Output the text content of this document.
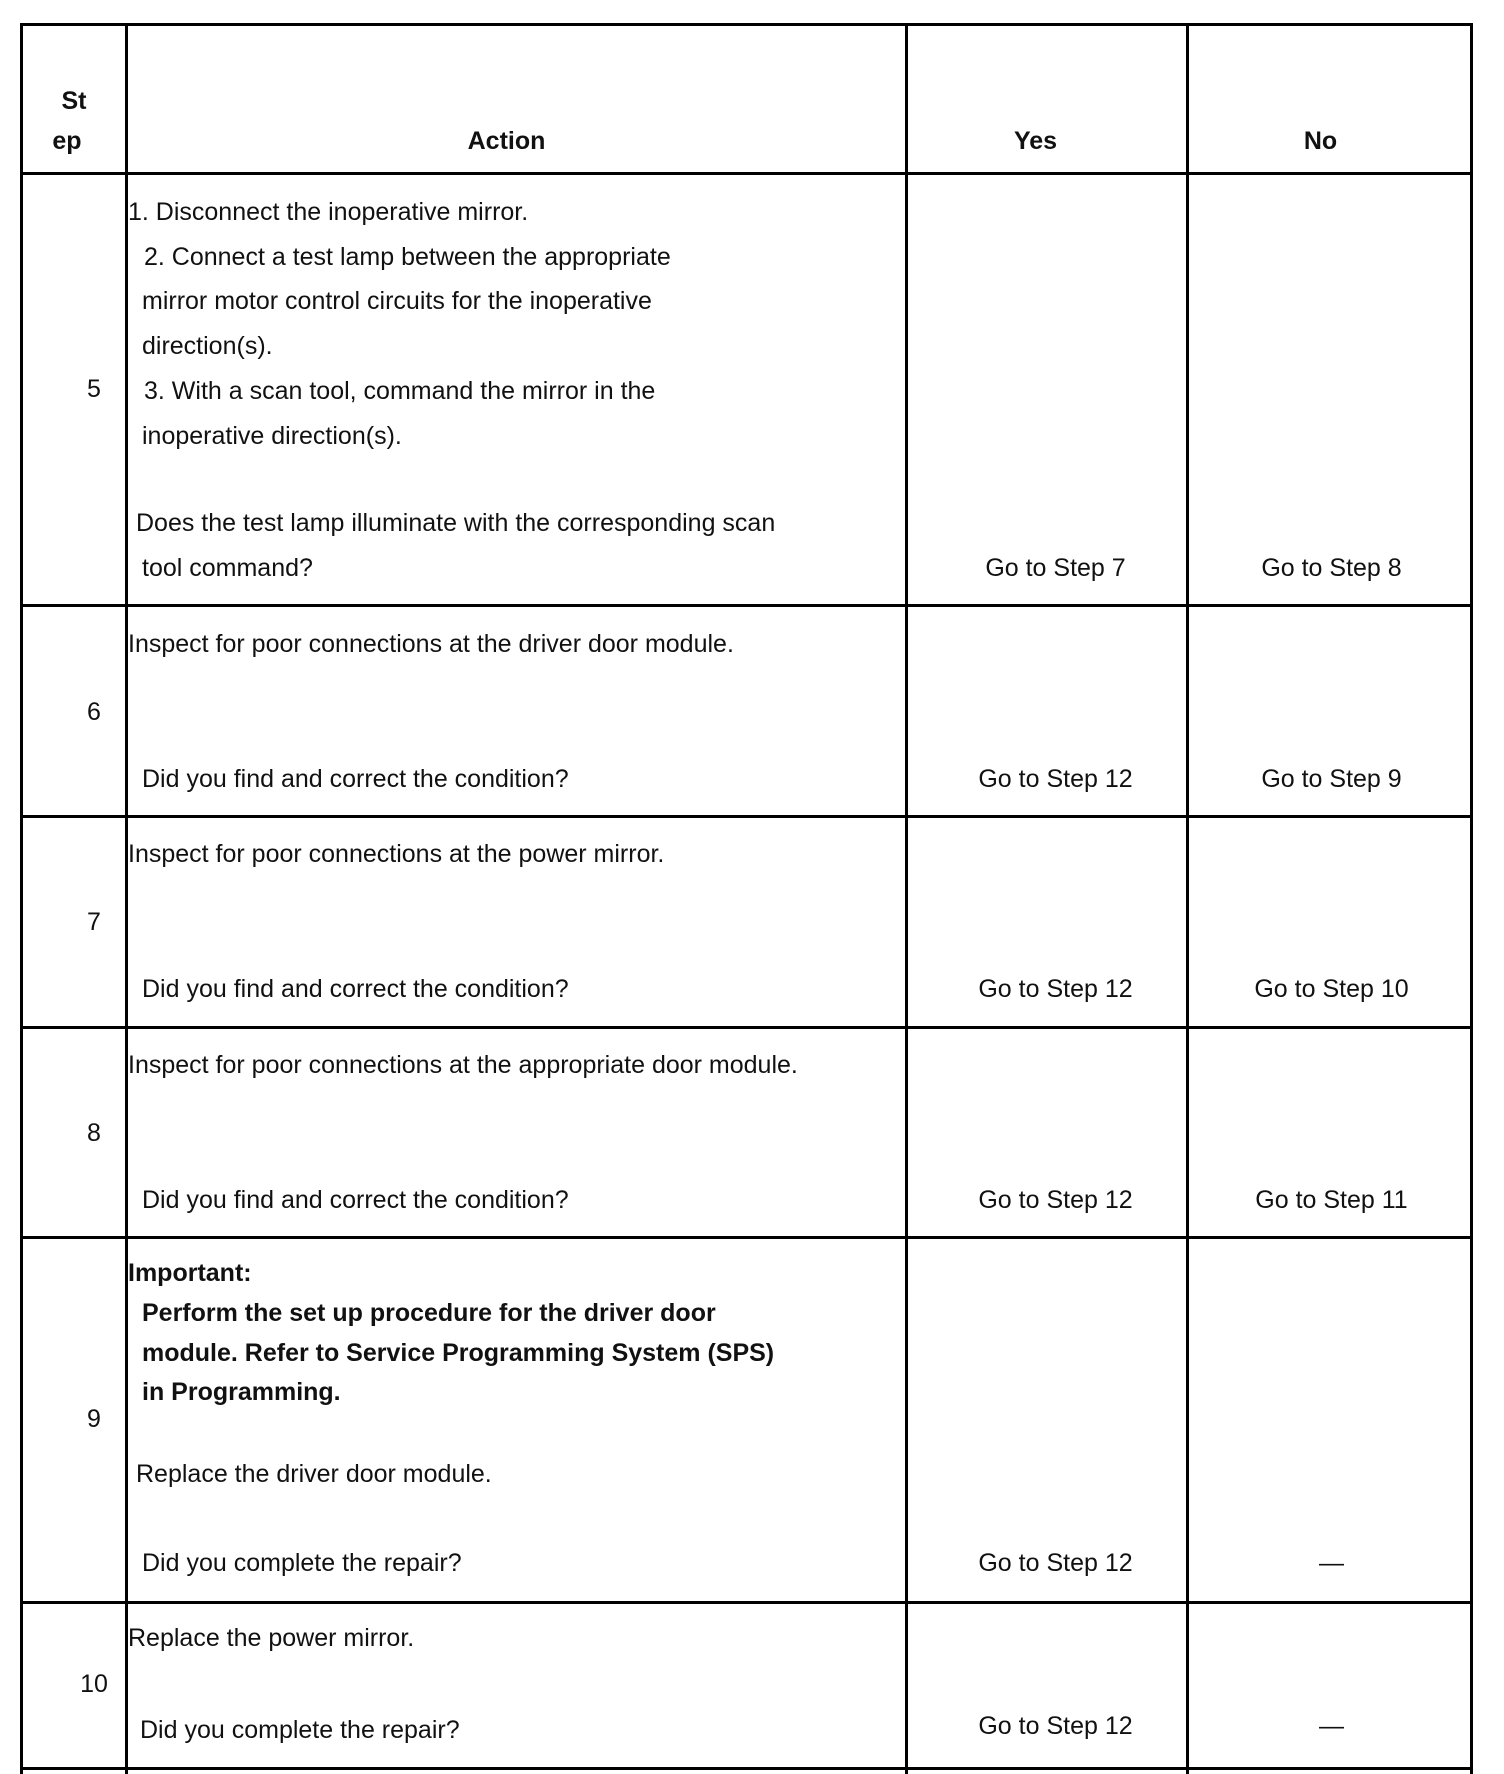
St
ep	Action	Yes	No
5
1. Disconnect the inoperative mirror.
2. Connect a test lamp between the appropriate
mirror motor control circuits for the inoperative
direction(s).
3. With a scan tool, command the mirror in the
inoperative direction(s).
Does the test lamp illuminate with the corresponding scan
tool command?	Go to Step 7	Go to Step 8
6
Inspect for poor connections at the driver door module.
Did you find and correct the condition?	Go to Step 12	Go to Step 9
7
Inspect for poor connections at the power mirror.
Did you find and correct the condition?	Go to Step 12	Go to Step 10
8
Inspect for poor connections at the appropriate door module.
Did you find and correct the condition?	Go to Step 12	Go to Step 11
9
Important:
Perform the set up procedure for the driver door
module. Refer to Service Programming System (SPS)
in Programming.
Replace the driver door module.
Did you complete the repair?	Go to Step 12	—
10
Replace the power mirror.
Did you complete the repair?	Go to Step 12	—
